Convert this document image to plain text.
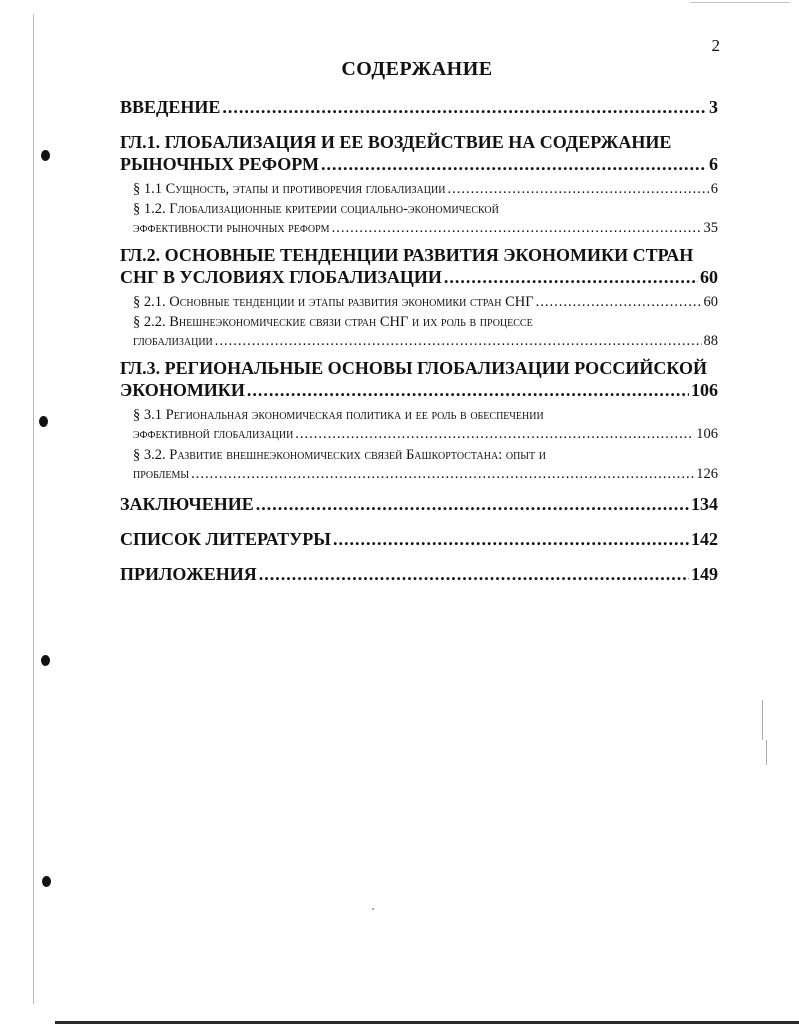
2
СОДЕРЖАНИЕ
ВВЕДЕНИЕ .....	3
ГЛ.1. ГЛОБАЛИЗАЦИЯ И ЕЕ ВОЗДЕЙСТВИЕ НА СОДЕРЖАНИЕ
РЫНОЧНЫХ РЕФОРМ .....	6
§ 1.1 Сущность, этапы и противоречия глобализации .....	6
§ 1.2. Глобализационные критерии социально-экономической
эффективности рыночных реформ .....	35
ГЛ.2. ОСНОВНЫЕ ТЕНДЕНЦИИ РАЗВИТИЯ ЭКОНОМИКИ СТРАН
СНГ В УСЛОВИЯХ ГЛОБАЛИЗАЦИИ .....	60
§ 2.1. Основные тенденции и этапы развития экономики стран СНГ .....	60
§ 2.2. Внешнеэкономические связи стран СНГ и их роль в процессе
глобализации .....	88
ГЛ.3. РЕГИОНАЛЬНЫЕ ОСНОВЫ ГЛОБАЛИЗАЦИИ РОССИЙСКОЙ
ЭКОНОМИКИ .....	106
§ 3.1 Региональная экономическая политика и ее роль в обеспечении
эффективной глобализации .....	106
§ 3.2. Развитие внешнеэкономических связей Башкортостана: опыт и
проблемы .....	126
ЗАКЛЮЧЕНИЕ .....	134
СПИСОК ЛИТЕРАТУРЫ .....	142
ПРИЛОЖЕНИЯ .....	149
